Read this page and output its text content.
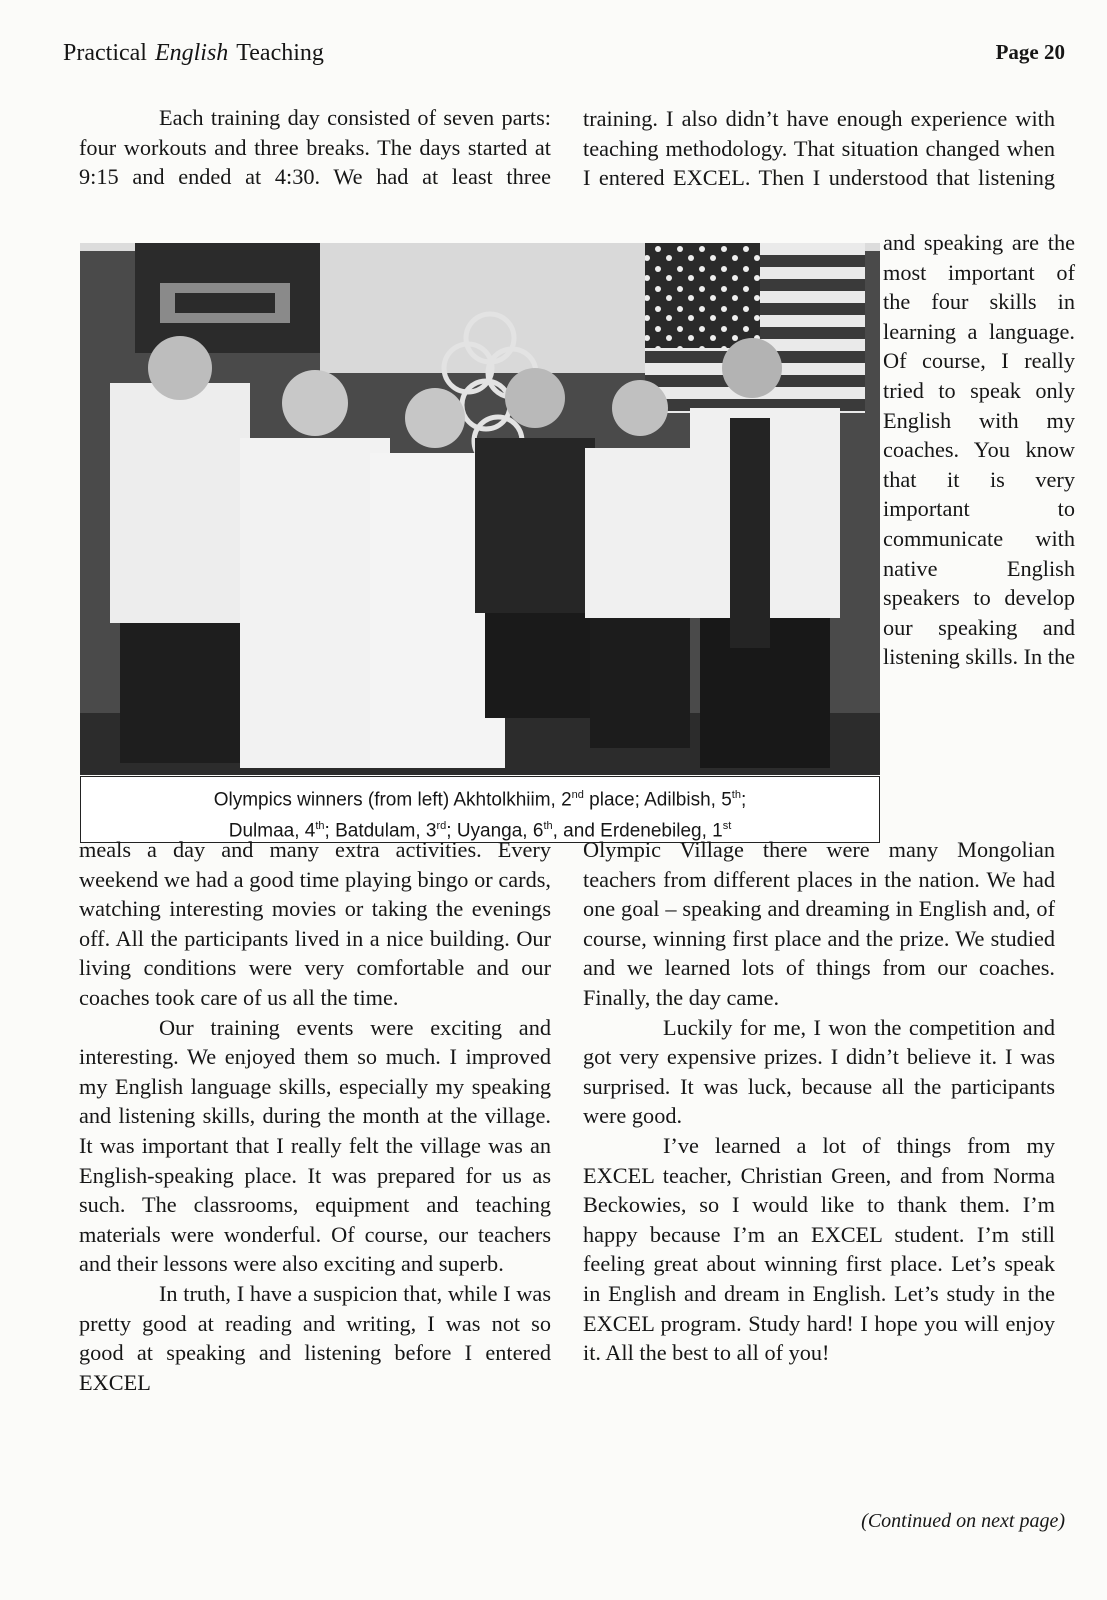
Practical English Teaching	Page 20

Each training day consisted of seven parts: four workouts and three breaks. The days started at 9:15 and ended at 4:30. We had at least three

training. I also didn’t have enough experience with teaching methodology. That situation changed when I entered EXCEL. Then I understood that listening

Olympics winners (from left) Akhtolkhiim, 2nd place; Adilbish, 5th;
Dulmaa, 4th; Batdulam, 3rd; Uyanga, 6th, and Erdenebileg, 1st

and speaking are the most important of the four skills in learning a language. Of course, I really tried to speak only English with my coaches. You know that it is very important to communicate with native English speakers to develop our speaking and listening skills. In the

meals a day and many extra activities. Every weekend we had a good time playing bingo or cards, watching interesting movies or taking the evenings off. All the participants lived in a nice building. Our living conditions were very comfortable and our coaches took care of us all the time.

Our training events were exciting and interesting. We enjoyed them so much. I improved my English language skills, especially my speaking and listening skills, during the month at the village. It was important that I really felt the village was an English-speaking place. It was prepared for us as such. The classrooms, equipment and teaching materials were wonderful. Of course, our teachers and their lessons were also exciting and superb.

In truth, I have a suspicion that, while I was pretty good at reading and writing, I was not so good at speaking and listening before I entered EXCEL

Olympic Village there were many Mongolian teachers from different places in the nation. We had one goal – speaking and dreaming in English and, of course, winning first place and the prize. We studied and we learned lots of things from our coaches. Finally, the day came.

Luckily for me, I won the competition and got very expensive prizes. I didn’t believe it. I was surprised. It was luck, because all the participants were good.

I’ve learned a lot of things from my EXCEL teacher, Christian Green, and from Norma Beckowies, so I would like to thank them. I’m happy because I’m an EXCEL student. I’m still feeling great about winning first place. Let’s speak in English and dream in English. Let’s study in the EXCEL program. Study hard! I hope you will enjoy it. All the best to all of you!

(Continued on next page)
